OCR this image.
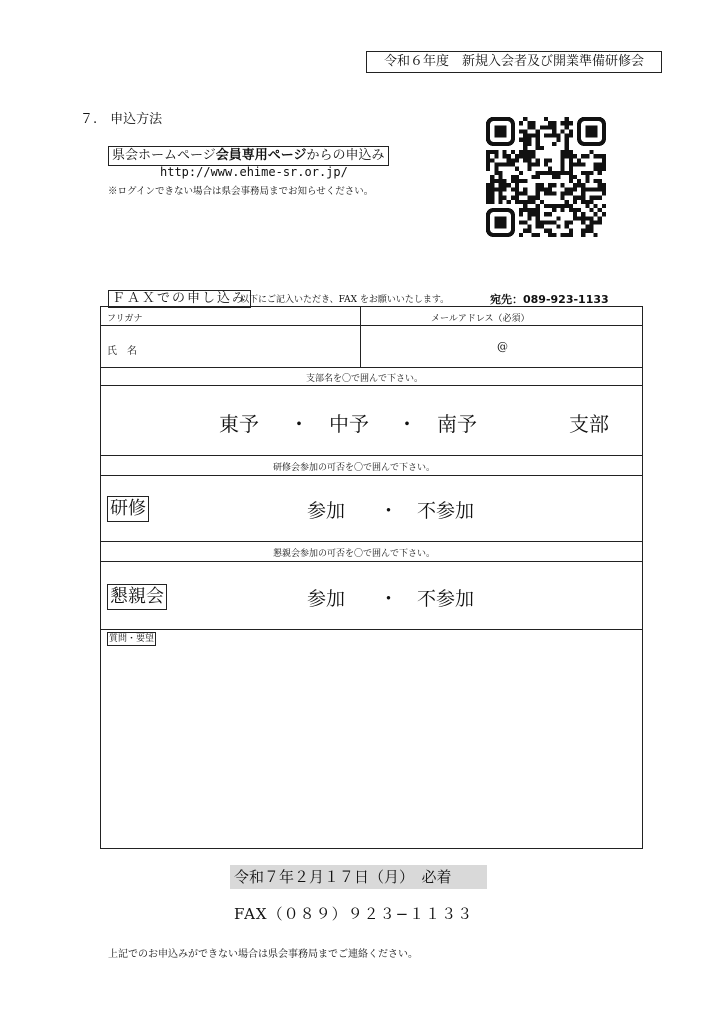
令和６年度　新規入会者及び開業準備研修会
７.　申込方法
県会ホームページ会員専用ページからの申込み
http://www.ehime-sr.or.jp/
※ログインできない場合は県会事務局までお知らせください。
ＦＡＸでの申し込み
以下にご記入いただき、FAX をお願いいたします。	宛先：089-923-1133
フリガナ	メールアドレス（必須）
氏　名	@
支部名を〇で囲んで下さい。
東予 ・ 中予 ・ 南予	支部
研修会参加の可否を〇で囲んで下さい。
研修	参加 ・ 不参加
懇親会参加の可否を〇で囲んで下さい。
懇親会	参加 ・ 不参加
質問・要望
令和７年２月１７日（月）　必着
FAX（０８９）９２３−１１３３
上記でのお申込みができない場合は県会事務局までご連絡ください。
